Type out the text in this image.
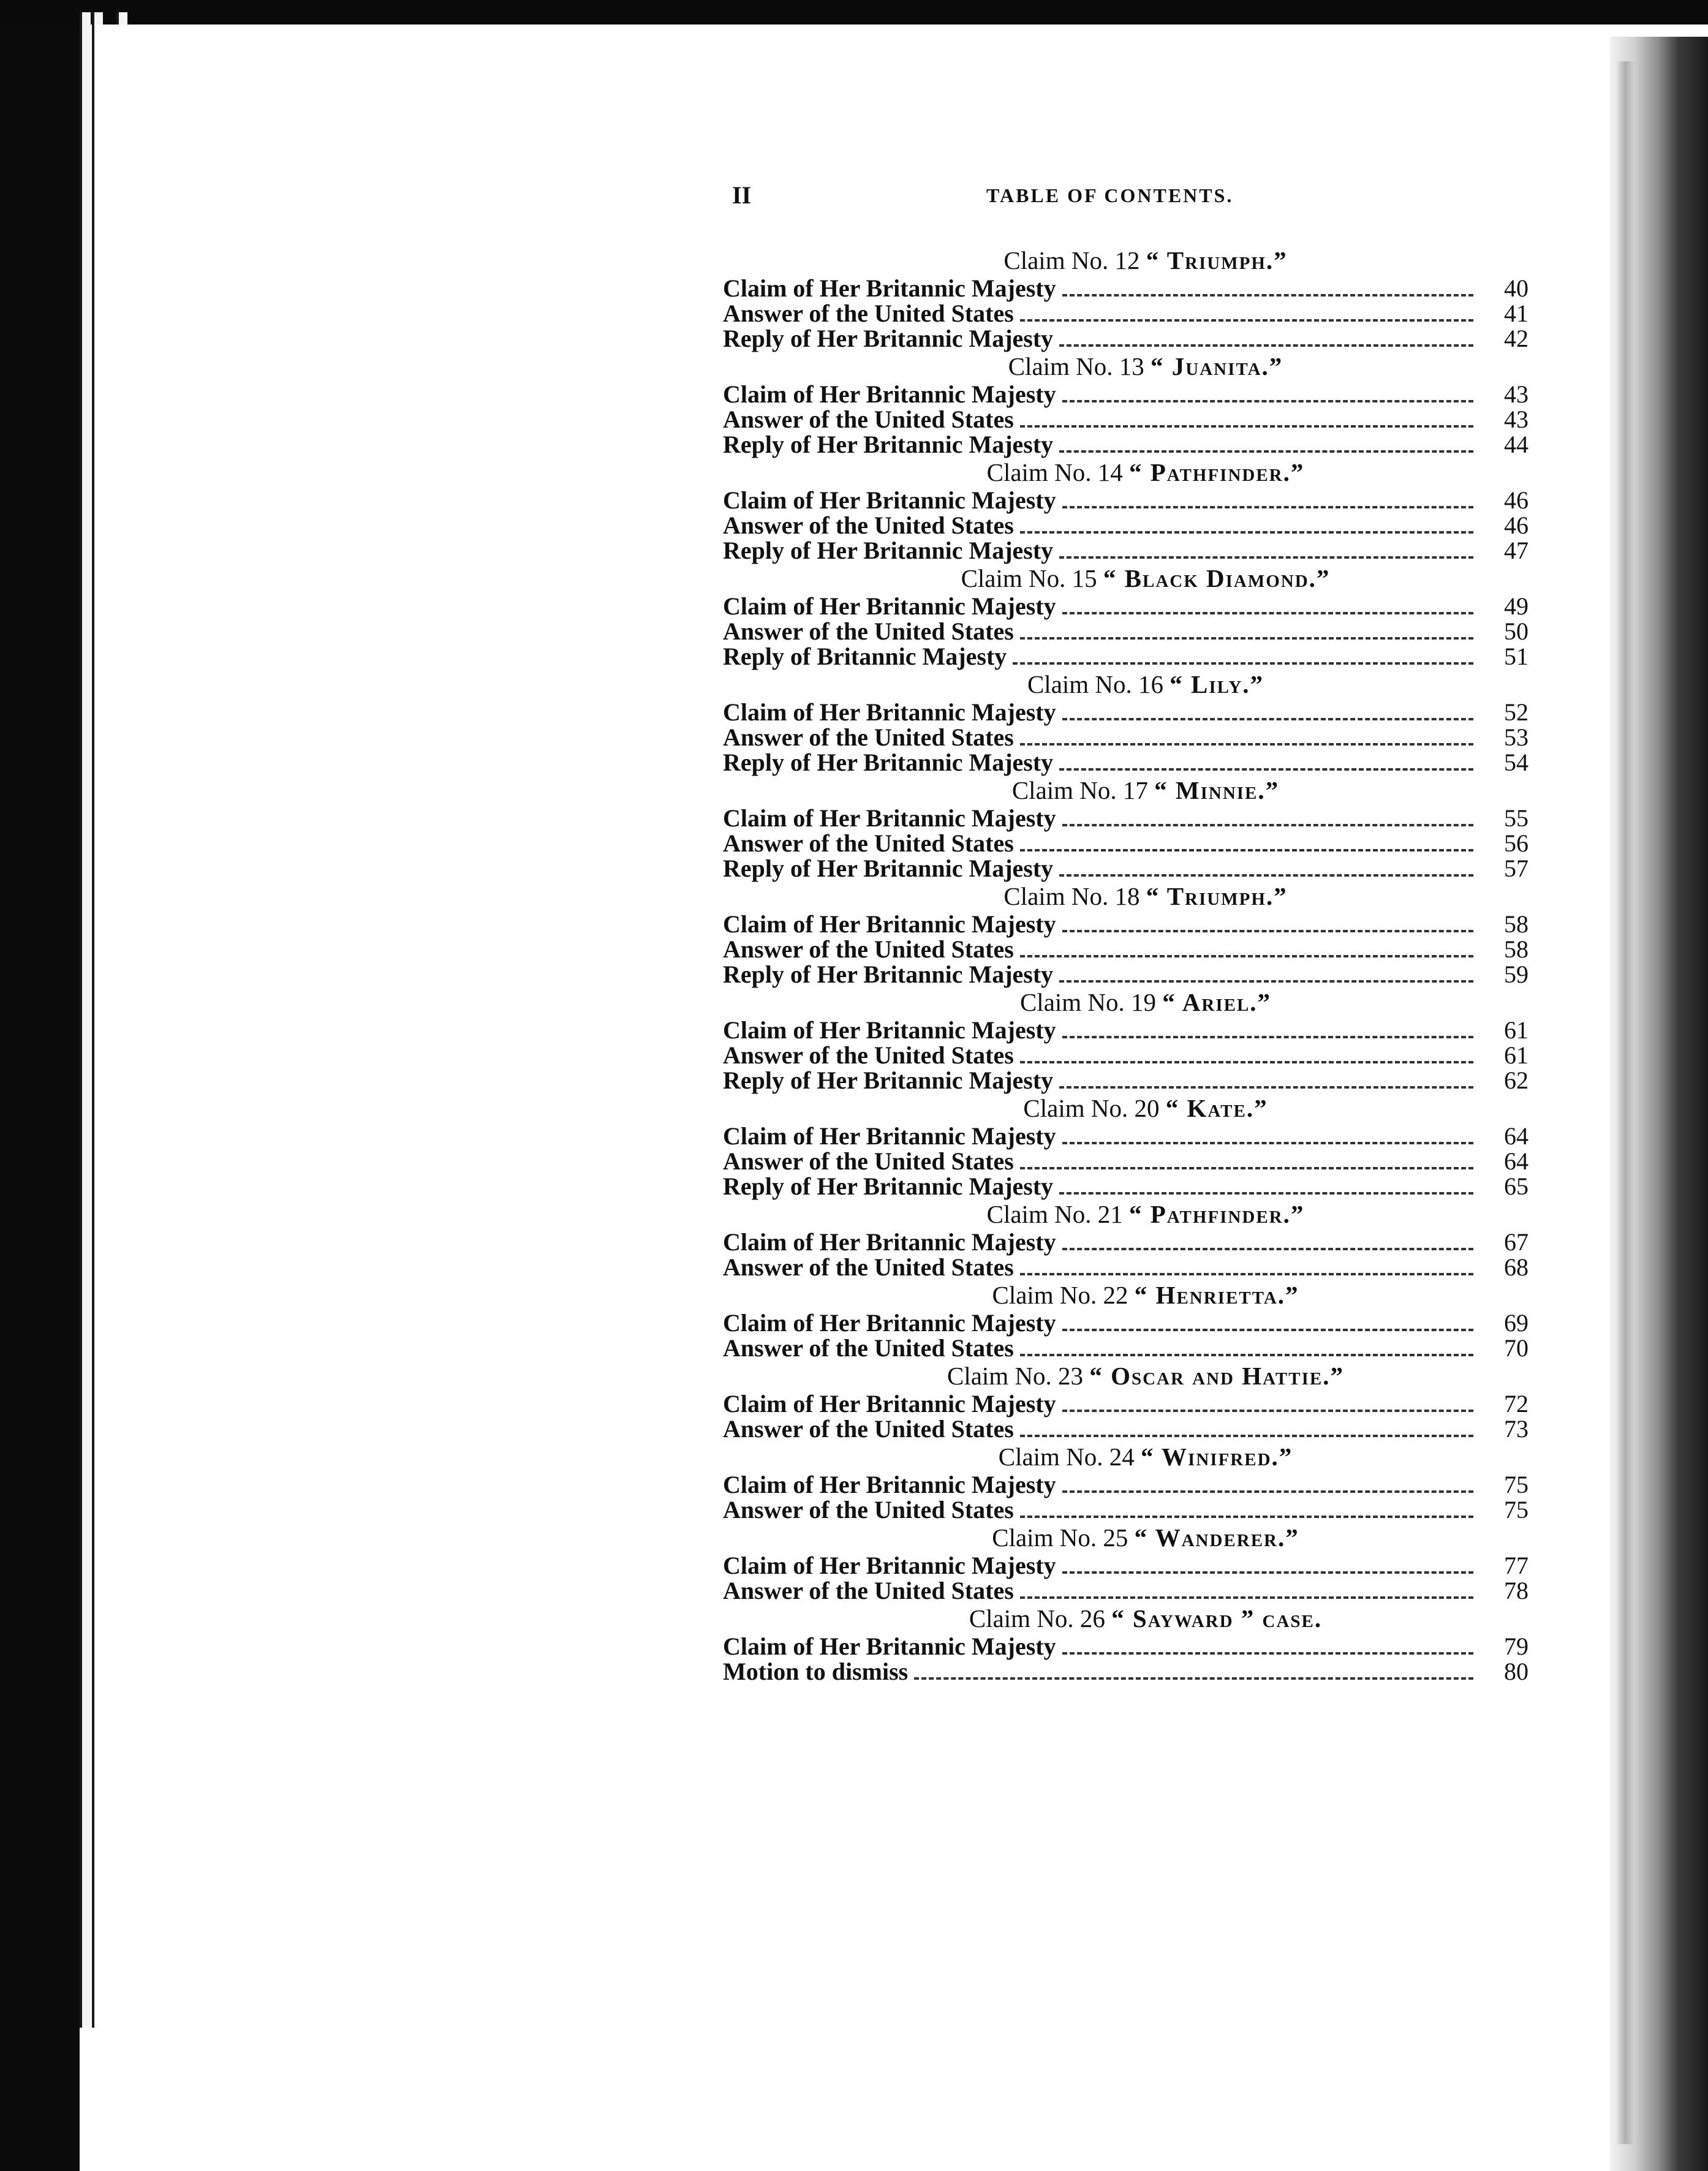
II	TABLE OF CONTENTS.
Claim No. 12 “ Triumph.”
Claim of Her Britannic Majesty	40
Answer of the United States	41
Reply of Her Britannic Majesty	42
Claim No. 13 “ Juanita.”
Claim of Her Britannic Majesty	43
Answer of the United States	43
Reply of Her Britannic Majesty	44
Claim No. 14 “ Pathfinder.”
Claim of Her Britannic Majesty	46
Answer of the United States	46
Reply of Her Britannic Majesty	47
Claim No. 15 “ Black Diamond.”
Claim of Her Britannic Majesty	49
Answer of the United States	50
Reply of Britannic Majesty	51
Claim No. 16 “ Lily.”
Claim of Her Britannic Majesty	52
Answer of the United States	53
Reply of Her Britannic Majesty	54
Claim No. 17 “ Minnie.”
Claim of Her Britannic Majesty	55
Answer of the United States	56
Reply of Her Britannic Majesty	57
Claim No. 18 “ Triumph.”
Claim of Her Britannic Majesty	58
Answer of the United States	58
Reply of Her Britannic Majesty	59
Claim No. 19 “ Ariel.”
Claim of Her Britannic Majesty	61
Answer of the United States	61
Reply of Her Britannic Majesty	62
Claim No. 20 “ Kate.”
Claim of Her Britannic Majesty	64
Answer of the United States	64
Reply of Her Britannic Majesty	65
Claim No. 21 “ Pathfinder.”
Claim of Her Britannic Majesty	67
Answer of the United States	68
Claim No. 22 “ Henrietta.”
Claim of Her Britannic Majesty	69
Answer of the United States	70
Claim No. 23 “ Oscar and Hattie.”
Claim of Her Britannic Majesty	72
Answer of the United States	73
Claim No. 24 “ Winifred.”
Claim of Her Britannic Majesty	75
Answer of the United States	75
Claim No. 25 “ Wanderer.”
Claim of Her Britannic Majesty	77
Answer of the United States	78
Claim No. 26 “ Sayward ” case.
Claim of Her Britannic Majesty	79
Motion to dismiss	80
